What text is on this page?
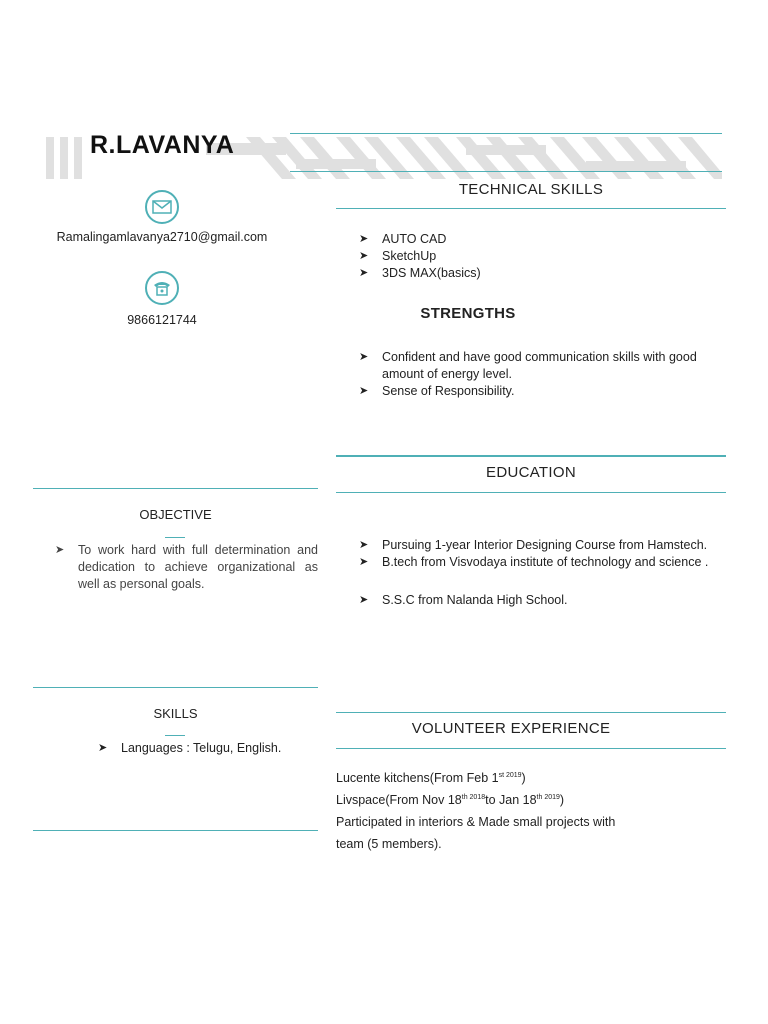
R.LAVANYA
Ramalingamlavanya2710@gmail.com
9866121744
TECHNICAL SKILLS
➤ AUTO CAD
➤ SketchUp
➤ 3DS MAX(basics)
STRENGTHS
➤ Confident and have good communication skills with good amount of energy level.
➤ Sense of Responsibility.
EDUCATION
➤ Pursuing 1-year Interior Designing Course from Hamstech.
➤ B.tech from Visvodaya institute of technology and science .
➤ S.S.C from Nalanda High School.
OBJECTIVE
➤ To work hard with full determination and dedication to achieve organizational as well as personal goals.
SKILLS
➤ Languages : Telugu, English.
VOLUNTEER EXPERIENCE
Lucente kitchens(From Feb $1^{st 2019}$)
Livspace(From Nov $18^{th 2018}to$ Jan $18^{th 2019}$)
Participated in interiors & Made small projects with
team (5 members).
